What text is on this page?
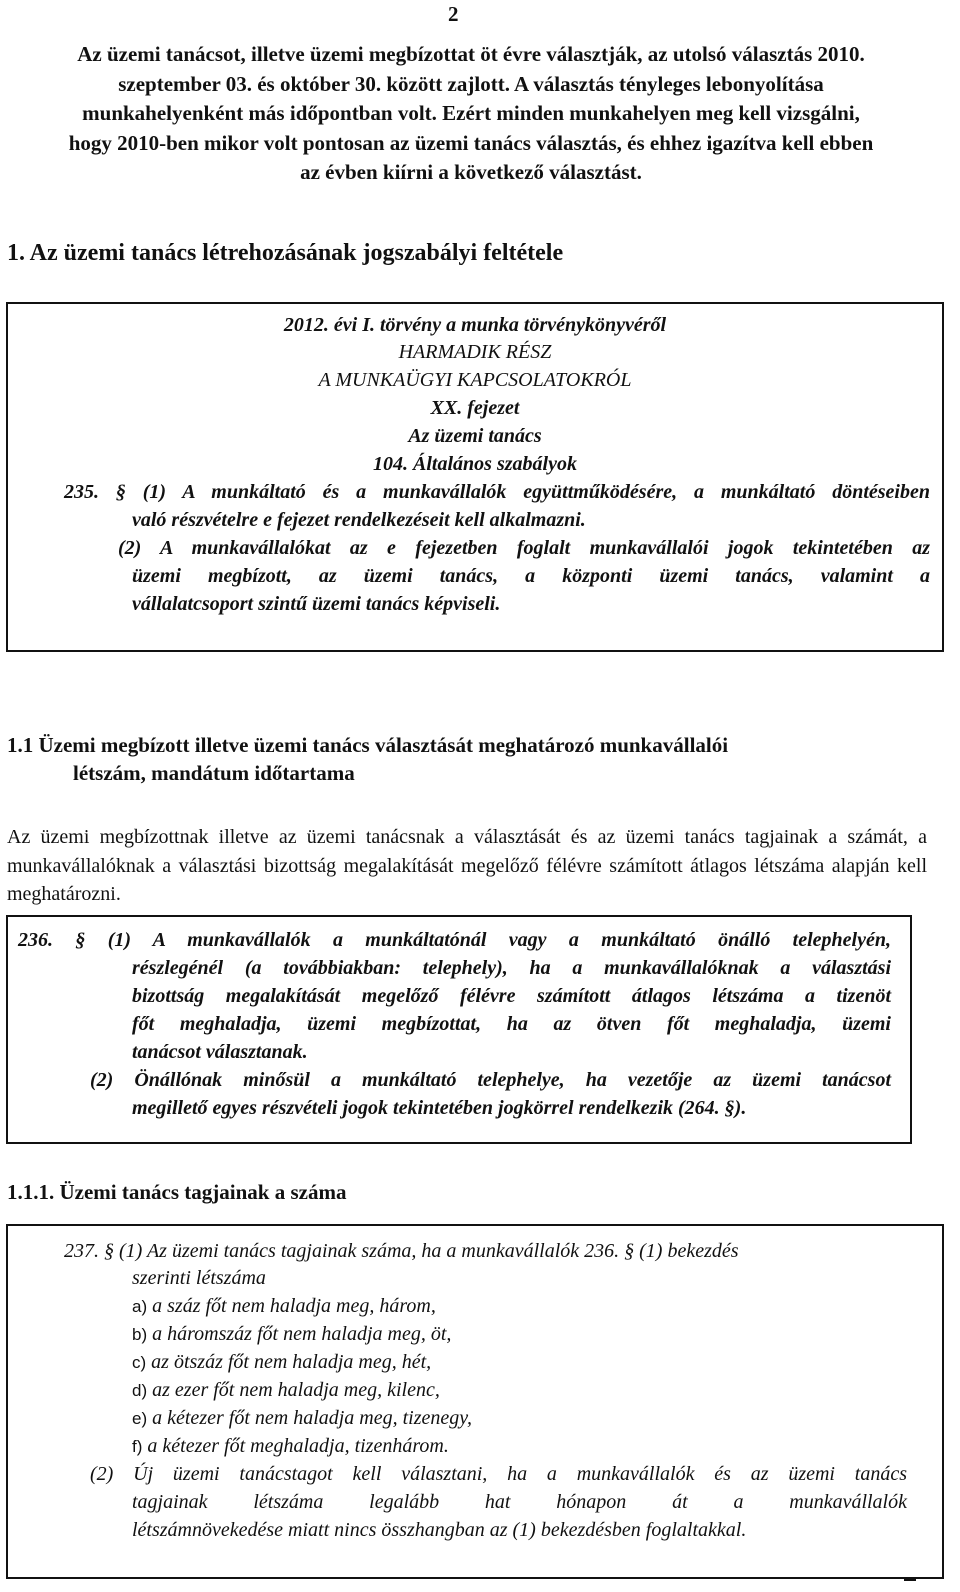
2
Az üzemi tanácsot, illetve üzemi megbízottat öt évre választják, az utolsó választás 2010.
szeptember 03. és október 30. között zajlott. A választás tényleges lebonyolítása
munkahelyenként más időpontban volt. Ezért minden munkahelyen meg kell vizsgálni,
hogy 2010-ben mikor volt pontosan az üzemi tanács választás, és ehhez igazítva kell ebben
az évben kiírni a következő választást.
1. Az üzemi tanács létrehozásának jogszabályi feltétele
2012. évi I. törvény a munka törvénykönyvéről
HARMADIK RÉSZ
A MUNKAÜGYI KAPCSOLATOKRÓL
XX. fejezet
Az üzemi tanács
104. Általános szabályok
235. § (1) A munkáltató és a munkavállalók együttműködésére, a munkáltató döntéseiben
való részvételre e fejezet rendelkezéseit kell alkalmazni.
(2) A munkavállalókat az e fejezetben foglalt munkavállalói jogok tekintetében az
üzemi megbízott, az üzemi tanács, a központi üzemi tanács, valamint a
vállalatcsoport szintű üzemi tanács képviseli.
1.1 Üzemi megbízott illetve üzemi tanács választását meghatározó munkavállalói
létszám, mandátum időtartama
Az üzemi megbízottnak illetve az üzemi tanácsnak a választását és az üzemi tanács tagjainak a számát, a munkavállalóknak a választási bizottság megalakítását megelőző félévre számított átlagos létszáma alapján kell meghatározni.
236. § (1) A munkavállalók a munkáltatónál vagy a munkáltató önálló telephelyén,
részlegénél (a továbbiakban: telephely), ha a munkavállalóknak a választási
bizottság megalakítását megelőző félévre számított átlagos létszáma a tizenöt
főt meghaladja, üzemi megbízottat, ha az ötven főt meghaladja, üzemi
tanácsot választanak.
(2) Önállónak minősül a munkáltató telephelye, ha vezetője az üzemi tanácsot
megillető egyes részvételi jogok tekintetében jogkörrel rendelkezik (264. §).
1.1.1. Üzemi tanács tagjainak a száma
237. § (1) Az üzemi tanács tagjainak száma, ha a munkavállalók 236. § (1) bekezdés
szerinti létszáma
a) a száz főt nem haladja meg, három,
b) a háromszáz főt nem haladja meg, öt,
c) az ötszáz főt nem haladja meg, hét,
d) az ezer főt nem haladja meg, kilenc,
e) a kétezer főt nem haladja meg, tizenegy,
f) a kétezer főt meghaladja, tizenhárom.
(2) Új üzemi tanácstagot kell választani, ha a munkavállalók és az üzemi tanács
tagjainak létszáma legalább hat hónapon át a munkavállalók
létszámnövekedése miatt nincs összhangban az (1) bekezdésben foglaltakkal.
